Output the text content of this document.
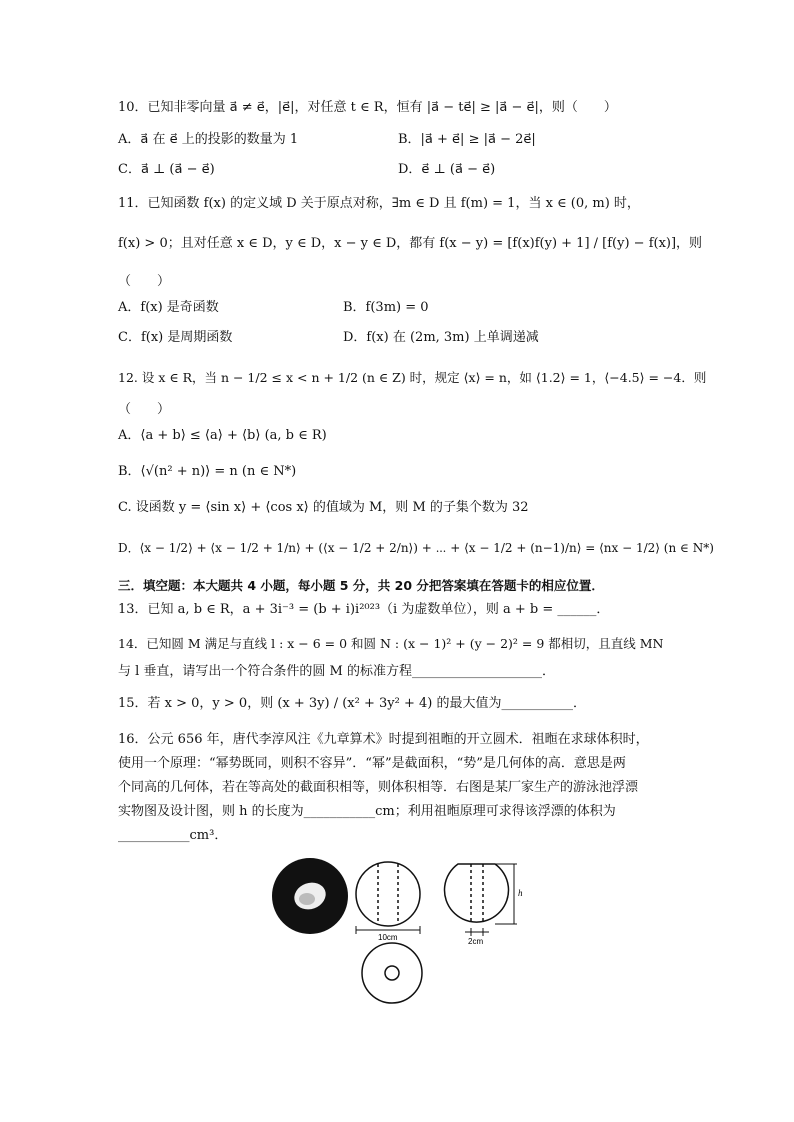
10．已知非零向量 a⃗ ≠ e⃗，|e⃗|，对任意 t ∈ R，恒有 |a⃗ − te⃗| ≥ |a⃗ − e⃗|，则（　　）
A．a⃗ 在 e⃗ 上的投影的数量为 1	B．|a⃗ + e⃗| ≥ |a⃗ − 2e⃗|
C．a⃗ ⊥ (a⃗ − e⃗)	D．e⃗ ⊥ (a⃗ − e⃗)
11．已知函数 f(x) 的定义域 D 关于原点对称，∃m ∈ D 且 f(m) = 1，当 x ∈ (0, m) 时，
f(x) > 0；且对任意 x ∈ D，y ∈ D，x − y ∈ D，都有 f(x − y) = [f(x)f(y) + 1] / [f(y) − f(x)]，则
（　　）
A．f(x) 是奇函数	B．f(3m) = 0
C．f(x) 是周期函数	D．f(x) 在 (2m, 3m) 上单调递减
12. 设 x ∈ R，当 n − 1/2 ≤ x < n + 1/2 (n ∈ Z) 时，规定 ⟨x⟩ = n，如 ⟨1.2⟩ = 1，⟨−4.5⟩ = −4．则
（　　）
A．⟨a + b⟩ ≤ ⟨a⟩ + ⟨b⟩ (a, b ∈ R)
B．⟨√(n² + n)⟩ = n (n ∈ N*)
C. 设函数 y = ⟨sin x⟩ + ⟨cos x⟩ 的值域为 M，则 M 的子集个数为 32
D．⟨x − 1/2⟩ + ⟨x − 1/2 + 1/n⟩ + (⟨x − 1/2 + 2/n⟩) + ⋯ + ⟨x − 1/2 + (n−1)/n⟩ = ⟨nx − 1/2⟩ (n ∈ N*)
三．填空题：本大题共 4 小题，每小题 5 分，共 20 分把答案填在答题卡的相应位置．
13．已知 a, b ∈ R，a + 3i⁻³ = (b + i)i²⁰²³（i 为虚数单位），则 a + b = ______．
14．已知圆 M 满足与直线 l : x − 6 = 0 和圆 N : (x − 1)² + (y − 2)² = 9 都相切，且直线 MN
与 l 垂直，请写出一个符合条件的圆 M 的标准方程____________________．
15．若 x > 0，y > 0，则 (x + 3y) / (x² + 3y² + 4) 的最大值为___________．
16．公元 656 年，唐代李淳风注《九章算术》时提到祖暅的开立圆术．祖暅在求球体积时，
使用一个原理：“幂势既同，则积不容异”．“幂”是截面积，“势”是几何体的高．意思是两
个同高的几何体，若在等高处的截面积相等，则体积相等．右图是某厂家生产的游泳池浮漂
实物图及设计图，则 h 的长度为___________cm；利用祖暅原理可求得该浮漂的体积为
___________cm³．
10cm
h
2cm
